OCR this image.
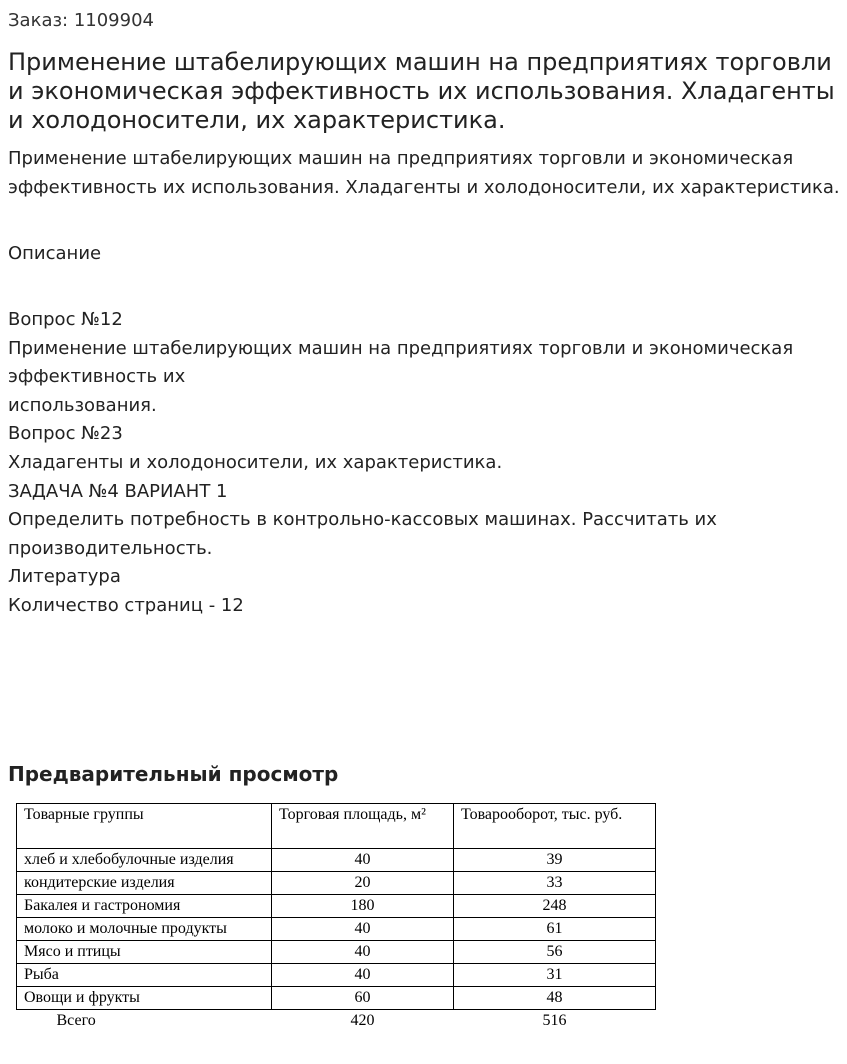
Заказ: 1109904
Применение штабелирующих машин на предприятиях торговли и экономическая эффективность их использования. Хладагенты и холодоносители, их характеристика.
Применение штабелирующих машин на предприятиях торговли и экономическая эффективность их использования. Хладагенты и холодоносители, их характеристика.
Описание
Вопрос №12
Применение штабелирующих машин на предприятиях торговли и экономическая
эффективность их
использования.
Вопрос №23
Хладагенты и холодоносители, их характеристика.
ЗАДАЧА №4 ВАРИАНТ 1
Определить потребность в контрольно-кассовых машинах. Рассчитать их
производительность.
Литература
Количество страниц - 12
Предварительный просмотр
Товарные группы	Торговая площадь, м²	Товарооборот, тыс. руб.
хлеб и хлебобулочные изделия	40	39
кондитерские изделия	20	33
Бакалея и гастрономия	180	248
молоко и молочные продукты	40	61
Мясо и птицы	40	56
Рыба	40	31
Овощи и фрукты	60	48
Всего	420	516
